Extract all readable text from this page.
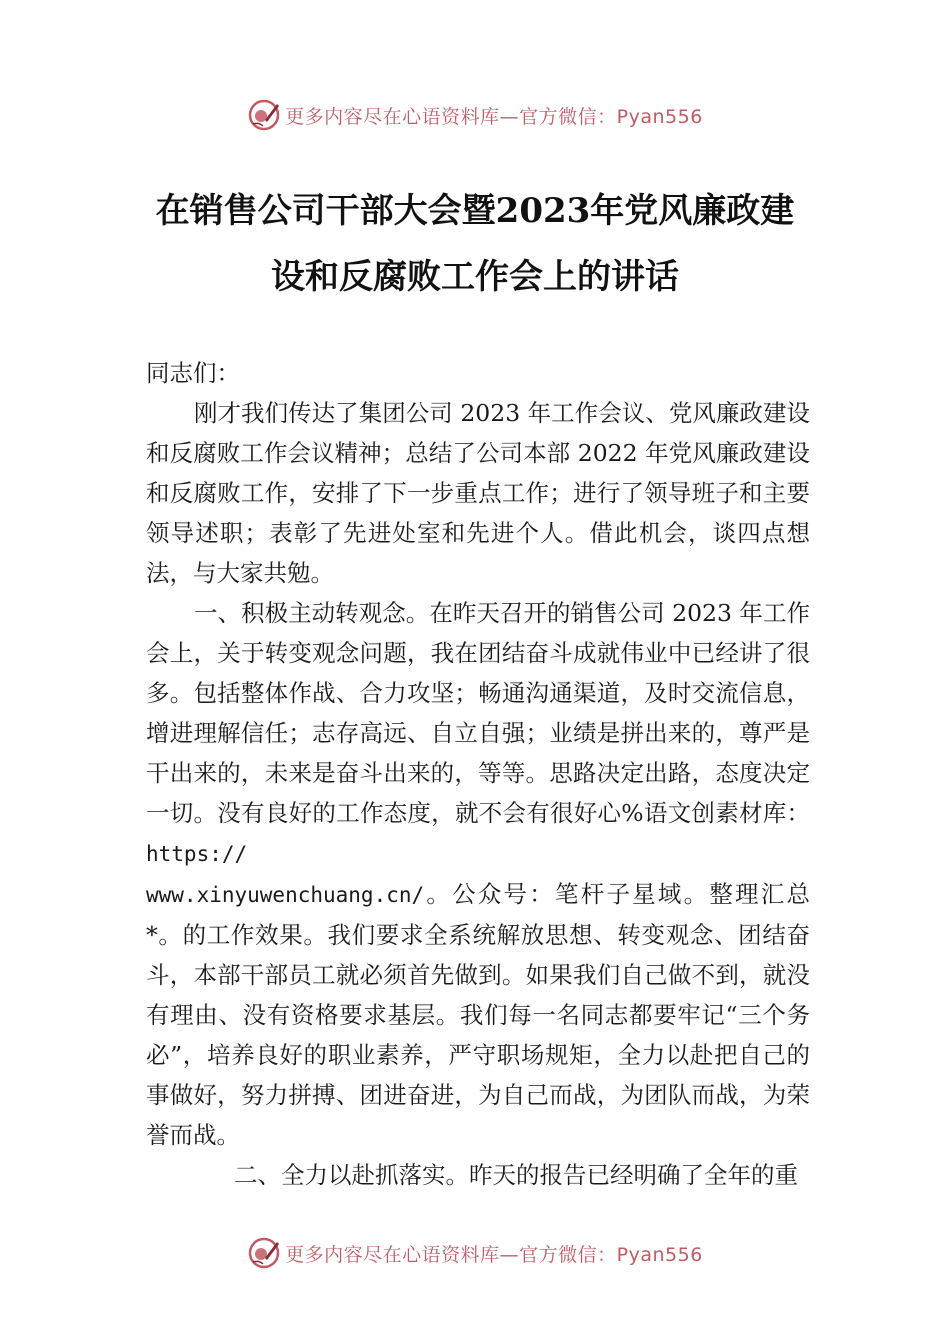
更多内容尽在心语资料库—官方微信：Pyan556
在销售公司干部大会暨2023年党风廉政建
设和反腐败工作会上的讲话

同志们：

刚才我们传达了集团公司 2023 年工作会议、党风廉政建设和反腐败工作会议精神；总结了公司本部 2022 年党风廉政建设和反腐败工作，安排了下一步重点工作；进行了领导班子和主要领导述职；表彰了先进处室和先进个人。借此机会，谈四点想法，与大家共勉。

一、积极主动转观念。在昨天召开的销售公司 2023 年工作会上，关于转变观念问题，我在团结奋斗成就伟业中已经讲了很多。包括整体作战、合力攻坚；畅通沟通渠道，及时交流信息，增进理解信任；志存高远、自立自强；业绩是拼出来的，尊严是干出来的，未来是奋斗出来的，等等。思路决定出路，态度决定一切。没有良好的工作态度，就不会有很好心%语文创素材库：https://
www.xinyuwenchuang.cn/。公众号：笔杆子星域。整理汇总*。的工作效果。我们要求全系统解放思想、转变观念、团结奋斗，本部干部员工就必须首先做到。如果我们自己做不到，就没有理由、没有资格要求基层。我们每一名同志都要牢记“三个务必”，培养良好的职业素养，严守职场规矩，全力以赴把自己的事做好，努力拼搏、团进奋进，为自己而战，为团队而战，为荣誉而战。

二、全力以赴抓落实。昨天的报告已经明确了全年的重

更多内容尽在心语资料库—官方微信：Pyan556
